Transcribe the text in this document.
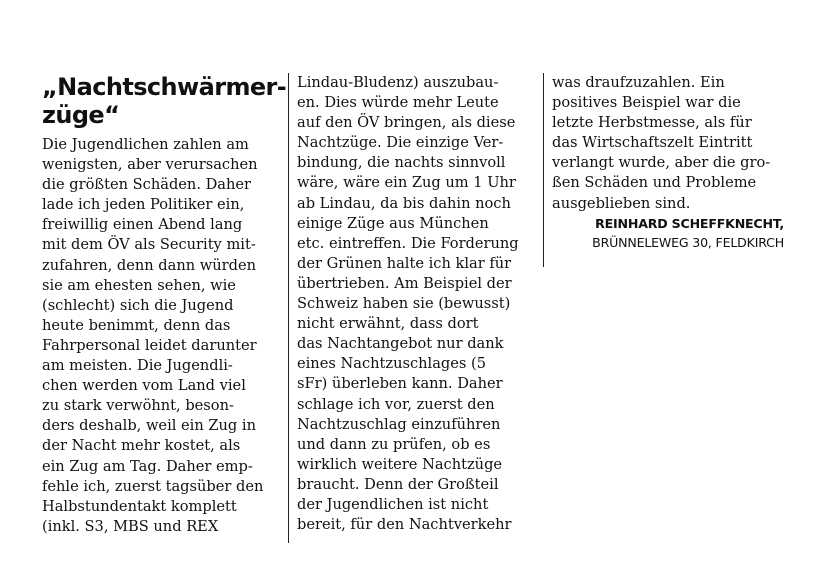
„Nachtschwärmer-
züge“

Die Jugendlichen zahlen am
wenigsten, aber verursachen
die größten Schäden. Daher
lade ich jeden Politiker ein,
freiwillig einen Abend lang
mit dem ÖV als Security mit-
zufahren, denn dann würden
sie am ehesten sehen, wie
(schlecht) sich die Jugend
heute benimmt, denn das
Fahrpersonal leidet darunter
am meisten. Die Jugendli-
chen werden vom Land viel
zu stark verwöhnt, beson-
ders deshalb, weil ein Zug in
der Nacht mehr kostet, als
ein Zug am Tag. Daher emp-
fehle ich, zuerst tagsüber den
Halbstundentakt komplett
(inkl. S3, MBS und REX

Lindau-Bludenz) auszubau-
en. Dies würde mehr Leute
auf den ÖV bringen, als diese
Nachtzüge. Die einzige Ver-
bindung, die nachts sinnvoll
wäre, wäre ein Zug um 1 Uhr
ab Lindau, da bis dahin noch
einige Züge aus München
etc. eintreffen. Die Forderung
der Grünen halte ich klar für
übertrieben. Am Beispiel der
Schweiz haben sie (bewusst)
nicht erwähnt, dass dort
das Nachtangebot nur dank
eines Nachtzuschlages (5
sFr) überleben kann. Daher
schlage ich vor, zuerst den
Nachtzuschlag einzuführen
und dann zu prüfen, ob es
wirklich weitere Nachtzüge
braucht. Denn der Großteil
der Jugendlichen ist nicht
bereit, für den Nachtverkehr

was draufzuzahlen. Ein
positives Beispiel war die
letzte Herbstmesse, als für
das Wirtschaftszelt Eintritt
verlangt wurde, aber die gro-
ßen Schäden und Probleme
ausgeblieben sind.

REINHARD SCHEFFKNECHT,

BRÜNNELEWEG 30, FELDKIRCH
